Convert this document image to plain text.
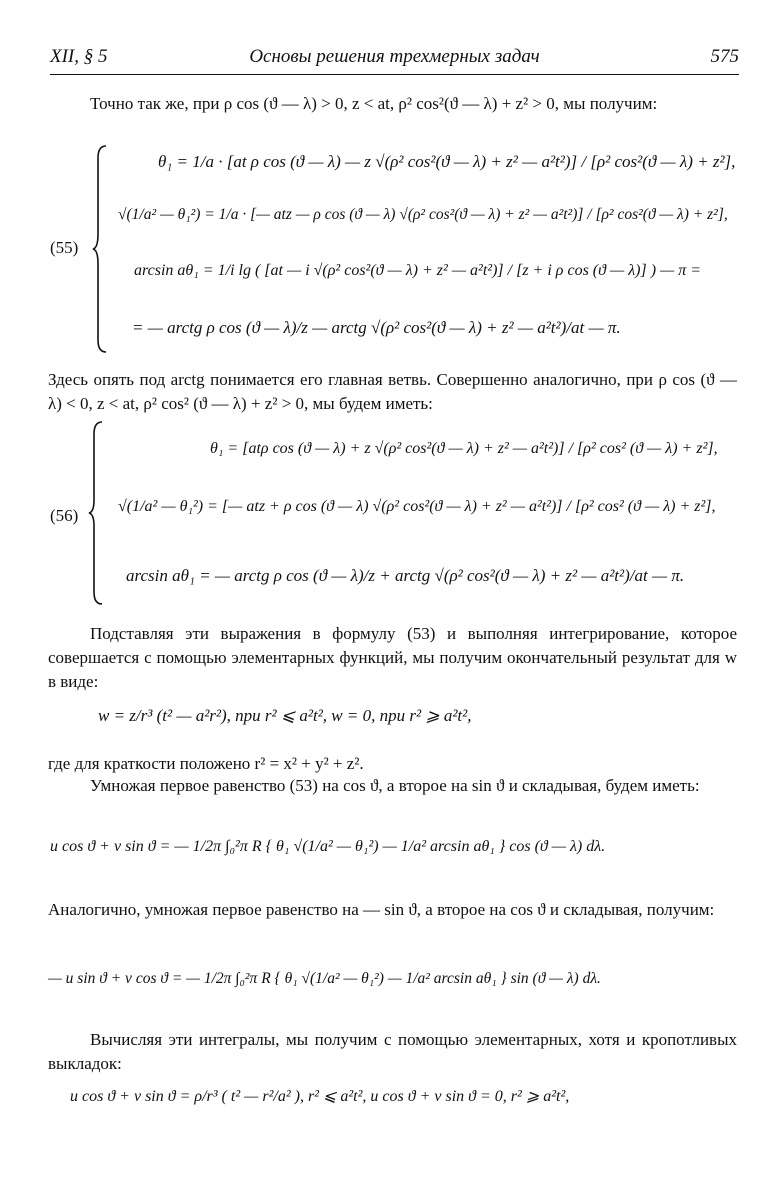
XII, § 5	Основы решения трехмерных задач	575
Точно так же, при ρ cos (ϑ — λ) > 0, z < at, ρ² cos²(ϑ — λ) + z² > 0, мы получим:
(55)
θ₁ = 1/a · [at ρ cos (ϑ — λ) — z √(ρ² cos²(ϑ — λ) + z² — a²t²)] / [ρ² cos²(ϑ — λ) + z²],
√(1/a² — θ₁²) = 1/a · [— atz — ρ cos (ϑ — λ) √(ρ² cos²(ϑ — λ) + z² — a²t²)] / [ρ² cos²(ϑ — λ) + z²],
arcsin aθ₁ = 1/i lg ( [at — i √(ρ² cos²(ϑ — λ) + z² — a²t²)] / [z + i ρ cos (ϑ — λ)] ) — π =
= — arctg ρ cos (ϑ — λ)/z — arctg √(ρ² cos²(ϑ — λ) + z² — a²t²)/at — π.
Здесь опять под arctg понимается его главная ветвь. Совершенно аналогично, при ρ cos (ϑ — λ) < 0, z < at, ρ² cos² (ϑ — λ) + z² > 0, мы будем иметь:
(56)
θ₁ = [atρ cos (ϑ — λ) + z √(ρ² cos²(ϑ — λ) + z² — a²t²)] / [ρ² cos² (ϑ — λ) + z²],
√(1/a² — θ₁²) = [— atz + ρ cos (ϑ — λ) √(ρ² cos²(ϑ — λ) + z² — a²t²)] / [ρ² cos² (ϑ — λ) + z²],
arcsin aθ₁ = — arctg ρ cos (ϑ — λ)/z + arctg √(ρ² cos²(ϑ — λ) + z² — a²t²)/at — π.
Подставляя эти выражения в формулу (53) и выполняя интегрирование, которое совершается с помощью элементарных функций, мы получим окончательный результат для w в виде:
w = z/r³ (t² — a²r²), при r² ⩽ a²t², w = 0, при r² ⩾ a²t²,
где для краткости положено r² = x² + y² + z².
Умножая первое равенство (53) на cos ϑ, а второе на sin ϑ и складывая, будем иметь:
u cos ϑ + v sin ϑ = — 1/2π ∫₀²π R { θ₁ √(1/a² — θ₁²) — 1/a² arcsin aθ₁ } cos (ϑ — λ) dλ.
Аналогично, умножая первое равенство на — sin ϑ, а второе на cos ϑ и складывая, получим:
— u sin ϑ + v cos ϑ = — 1/2π ∫₀²π R { θ₁ √(1/a² — θ₁²) — 1/a² arcsin aθ₁ } sin (ϑ — λ) dλ.
Вычисляя эти интегралы, мы получим с помощью элементарных, хотя и кропотливых выкладок:
u cos ϑ + v sin ϑ = ρ/r³ ( t² — r²/a² ), r² ⩽ a²t², u cos ϑ + v sin ϑ = 0, r² ⩾ a²t²,
